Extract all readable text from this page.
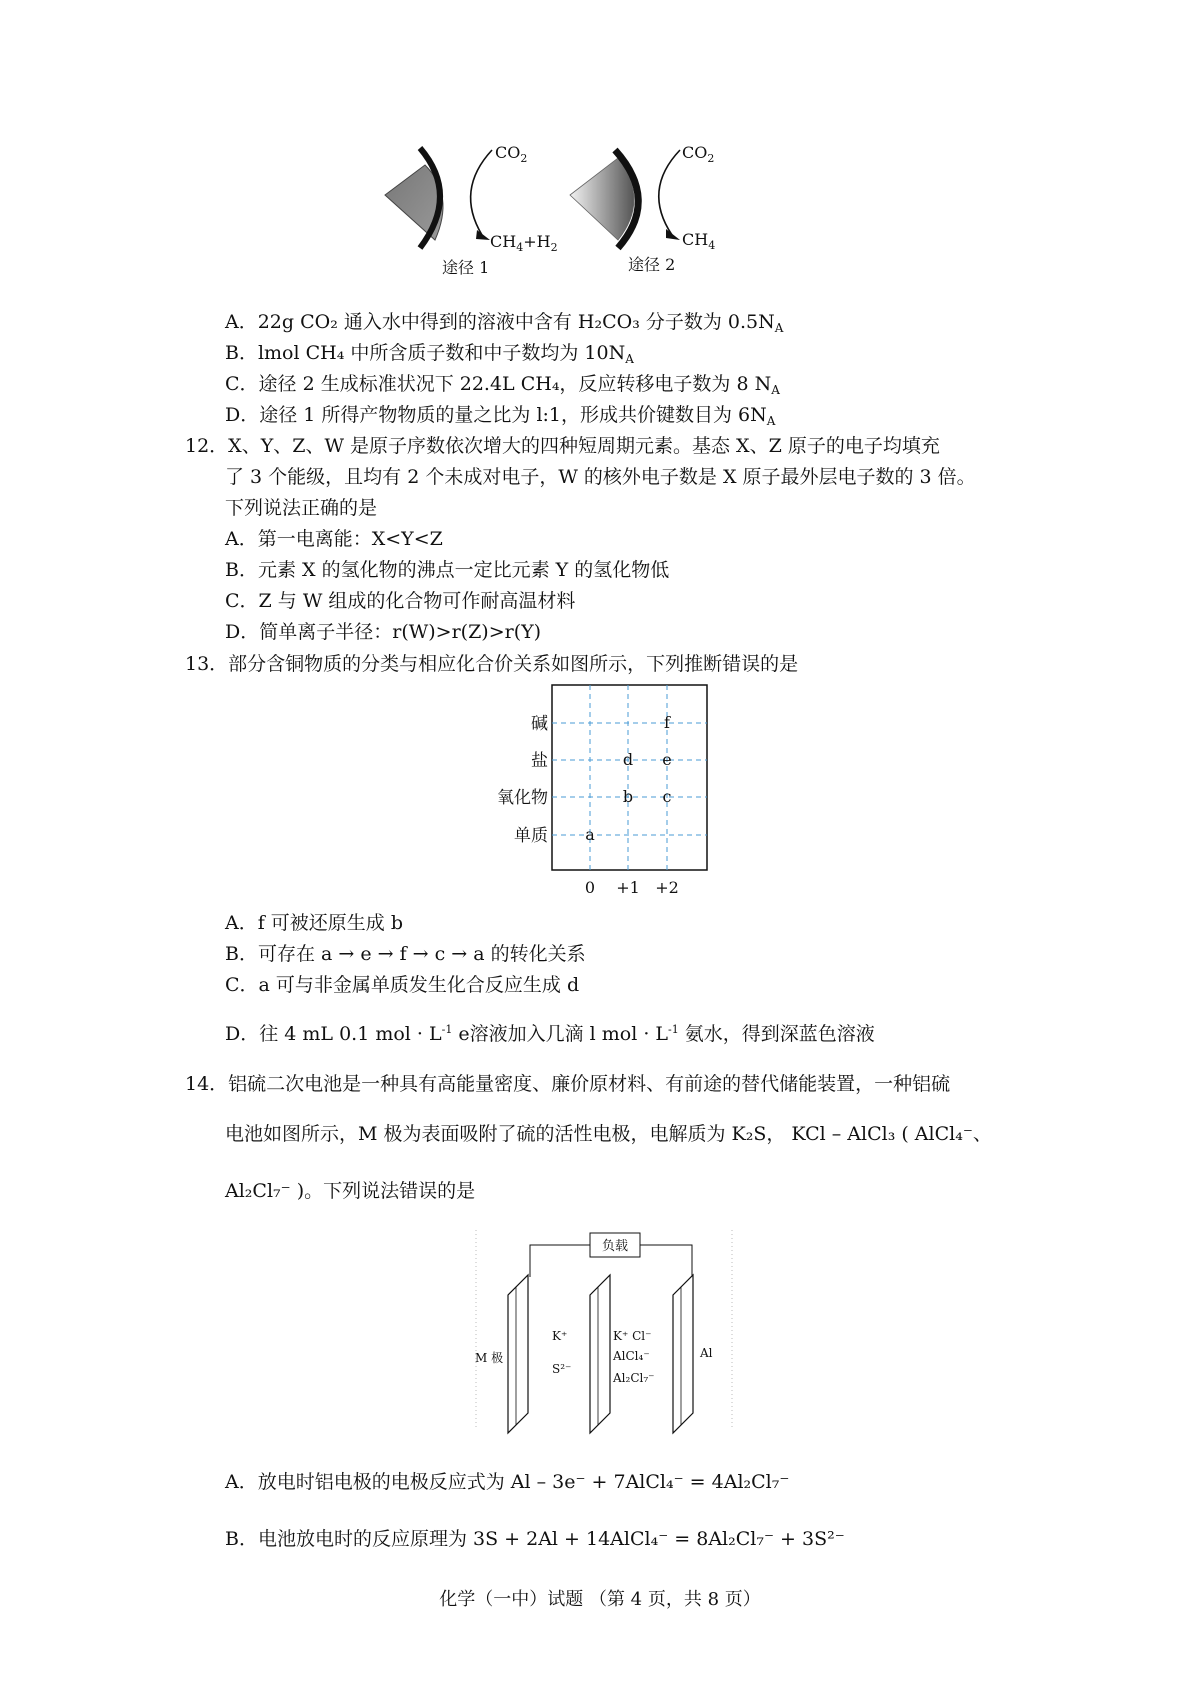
$CO_2$
$CH_4+H_2$
途径 1
$CO_2$
$CH_4$
途径 2
A．22g CO₂ 通入水中得到的溶液中含有 H₂CO₃ 分子数为 $0.5N_A$
B．lmol CH₄ 中所含质子数和中子数均为 $10N_A$
C．途径 2 生成标准状况下 22.4L CH₄，反应转移电子数为 8 $N_A$
D．途径 1 所得产物物质的量之比为 l:1，形成共价键数目为 $6N_A$
12．X、Y、Z、W 是原子序数依次增大的四种短周期元素。基态 X、Z 原子的电子均填充
了 3 个能级，且均有 2 个未成对电子，W 的核外电子数是 X 原子最外层电子数的 3 倍。
下列说法正确的是
A．第一电离能：X<Y<Z
B．元素 X 的氢化物的沸点一定比元素 Y 的氢化物低
C．Z 与 W 组成的化合物可作耐高温材料
D．简单离子半径：r(W)>r(Z)>r(Y)
13．部分含铜物质的分类与相应化合价关系如图所示，下列推断错误的是
碱
盐
氧化物
单质
0 +1 +2
f
d e
b c
a
A．f 可被还原生成 b
B．可存在 a → e → f → c → a 的转化关系
C．a 可与非金属单质发生化合反应生成 d
D．往 4 mL 0.1 mol · $L^{-1}$ e溶液加入几滴 l mol · $L^{-1}$ 氨水，得到深蓝色溶液
14．铝硫二次电池是一种具有高能量密度、廉价原材料、有前途的替代储能装置，一种铝硫
电池如图所示，M 极为表面吸附了硫的活性电极，电解质为 K₂S， KCl – AlCl₃ ( AlCl₄⁻、
Al₂Cl₇⁻ )。下列说法错误的是
负载
M 极	Al
K⁺
S²⁻
K⁺ Cl⁻
AlCl₄⁻
Al₂Cl₇⁻
A．放电时铝电极的电极反应式为 Al – 3e⁻ + 7AlCl₄⁻ = 4Al₂Cl₇⁻
B．电池放电时的反应原理为 3S + 2Al + 14AlCl₄⁻ = 8Al₂Cl₇⁻ + 3S²⁻
化学（一中）试题 （第 4 页，共 8 页）
